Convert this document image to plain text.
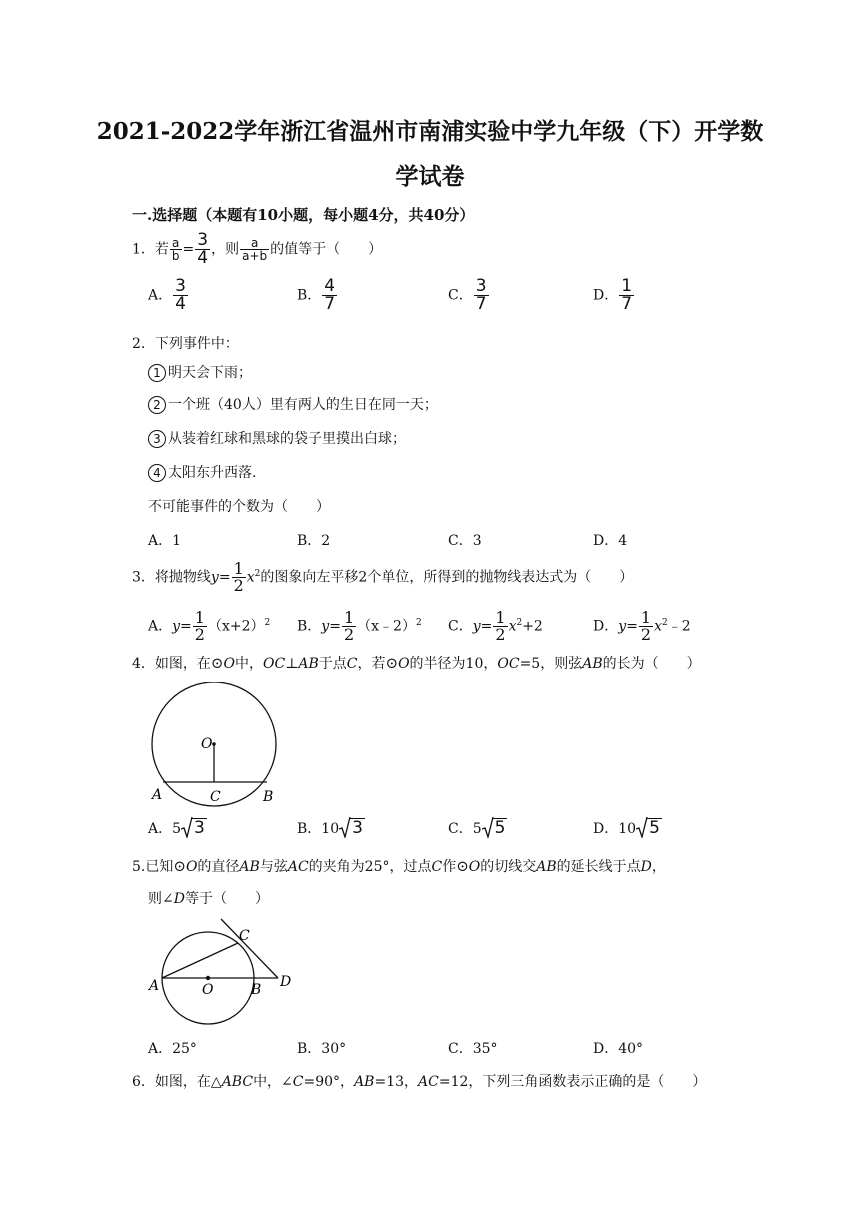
2021-2022学年浙江省温州市南浦实验中学九年级（下）开学数
学试卷
一.选择题（本题有10小题，每小题4分，共40分）
1．若 $\frac{a}{b} = \frac{3}{4}$ ，则 $\frac{a}{a+b}$ 的值等于（　　）
A． $\frac{3}{4}$	B． $\frac{4}{7}$	C． $\frac{3}{7}$	D． $\frac{1}{7}$
2．下列事件中：
1 明天会下雨；
2 一个班（40人）里有两人的生日在同一天；
3 从装着红球和黑球的袋子里摸出白球；
4 太阳东升西落.
不可能事件的个数为（　　）
A．1	B．2	C．3	D．4
3．将抛物线$y= \frac{1}{2} x^2$的图象向左平移2个单位，所得到的抛物线表达式为（　　）
A．$y= \frac{1}{2} (x+2)^2$ B．$y= \frac{1}{2}$ （x﹣2）$^2$ C．$y= \frac{1}{2} x^2+2$	D．$y= \frac{1}{2}$ $x^2﹣2$
4．如图，在⊙O中，OC⊥AB于点C，若⊙O的半径为10，OC=5，则弦AB的长为（　　）
O
A	C	B
A．5 3	B．10 3	C．5 5	D．10 5
5.已知⊙O的直径AB与弦AC的夹角为25°，过点C作⊙O的切线交AB的延长线于点D，
则∠D等于（　　）
C
A	O	B D
A．25°	B．30°	C．35°	D．40°
6．如图，在△ABC中，∠C=90°，AB=13，AC=12，下列三角函数表示正确的是（　　）
